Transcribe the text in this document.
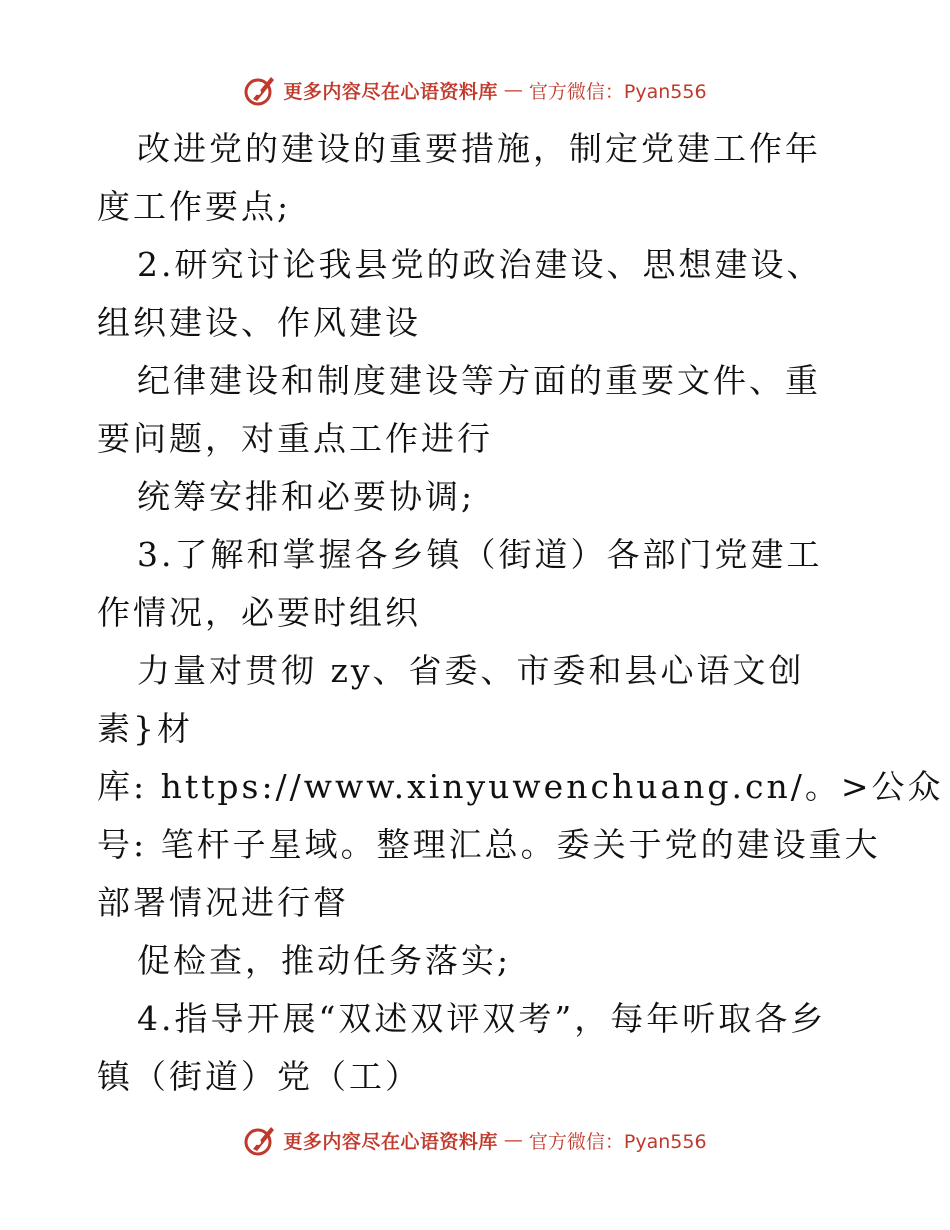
更多内容尽在心语资料库 — 官方微信：Pyan556

改进党的建设的重要措施，制定党建工作年度工作要点;

2.研究讨论我县党的政治建设、思想建设、组织建设、作风建设

纪律建设和制度建设等方面的重要文件、重要问题，对重点工作进行

统筹安排和必要协调;

3.了解和掌握各乡镇（街道）各部门党建工作情况，必要时组织

力量对贯彻 zy、省委、市委和县心语文创素}材

库: https://www.xinyuwenchuang.cn/。>公众

号: 笔杆子星域。整理汇总。委关于党的建设重大

部署情况进行督

促检查，推动任务落实;

4.指导开展“双述双评双考”，每年听取各乡镇（街道）党（工）

更多内容尽在心语资料库 — 官方微信：Pyan556
